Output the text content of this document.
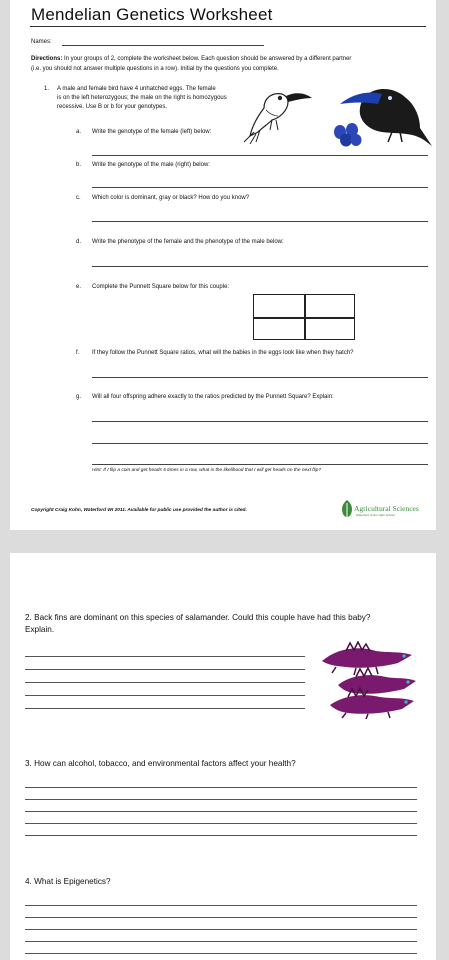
Mendelian Genetics Worksheet
Names:
Directions: In your groups of 2, complete the worksheet below. Each question should be answered by a different partner
(i.e. you should not answer multiple questions in a row). Initial by the questions you complete.
1. A male and female bird have 4 unhatched eggs. The female
is on the left heterozygous; the male on the right is homozygous
recessive. Use B or b for your genotypes.
a. Write the genotype of the female (left) below:
b. Write the genotype of the male (right) below:
c. Which color is dominant, gray or black? How do you know?
d. Write the phenotype of the female and the phenotype of the male below:
e. Complete the Punnett Square below for this couple:
f. If they follow the Punnett Square ratios, what will the babies in the eggs look like when they hatch?
g. Will all four offspring adhere exactly to the ratios predicted by the Punnett Square? Explain:
Hint: If I flip a coin and get heads 5 times in a row, what is the likelihood that I will get heads on the next flip?
Copyright Craig Kohn, Waterford WI 2011. Available for public use provided the author is cited.	Agricultural Sciences
Waterford Union High School
2. Back fins are dominant on this species of salamander. Could this couple have had this baby?
Explain.
3. How can alcohol, tobacco, and environmental factors affect your health?
4. What is Epigenetics?
